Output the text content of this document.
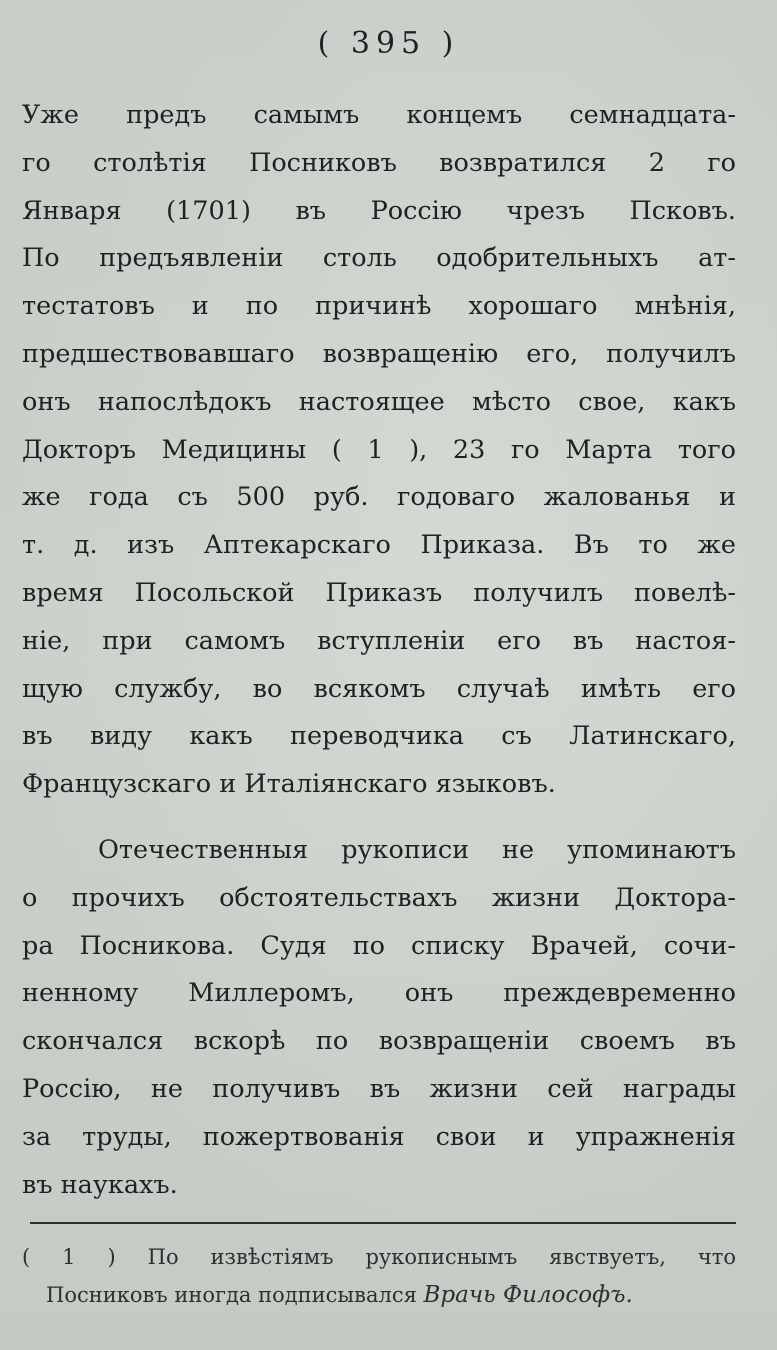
( 395 )
Уже предъ самымъ концемъ семнадцата-
го столѣтія Посниковъ возвратился 2 го
Января (1701) въ Россію чрезъ Псковъ.
По предъявленіи столь одобрительныхъ ат-
тестатовъ и по причинѣ хорошаго мнѣнія,
предшествовавшаго возвращенію его, получилъ
онъ напослѣдокъ настоящее мѣсто свое, какъ
Докторъ Медицины ( 1 ), 23 го Марта того
же года съ 500 руб. годоваго жалованья и
т. д. изъ Аптекарскаго Приказа. Въ то же
время Посольской Приказъ получилъ повелѣ-
ніе, при самомъ вступленіи его въ настоя-
щую службу, во всякомъ случаѣ имѣть его
въ виду какъ переводчика съ Латинскаго,
Французскаго и Италіянскаго языковъ.
Отечественныя рукописи не упоминаютъ
о прочихъ обстоятельствахъ жизни Доктора-
ра Посникова. Судя по списку Врачей, сочи-
ненному Миллеромъ, онъ преждевременно
скончался вскорѣ по возвращеніи своемъ въ
Россію, не получивъ въ жизни сей награды
за труды, пожертвованія свои и упражненія
въ наукахъ.
( 1 ) По извѣстіямъ рукописнымъ явствуетъ, что
Посниковъ иногда подписывался Врачь Философъ.
